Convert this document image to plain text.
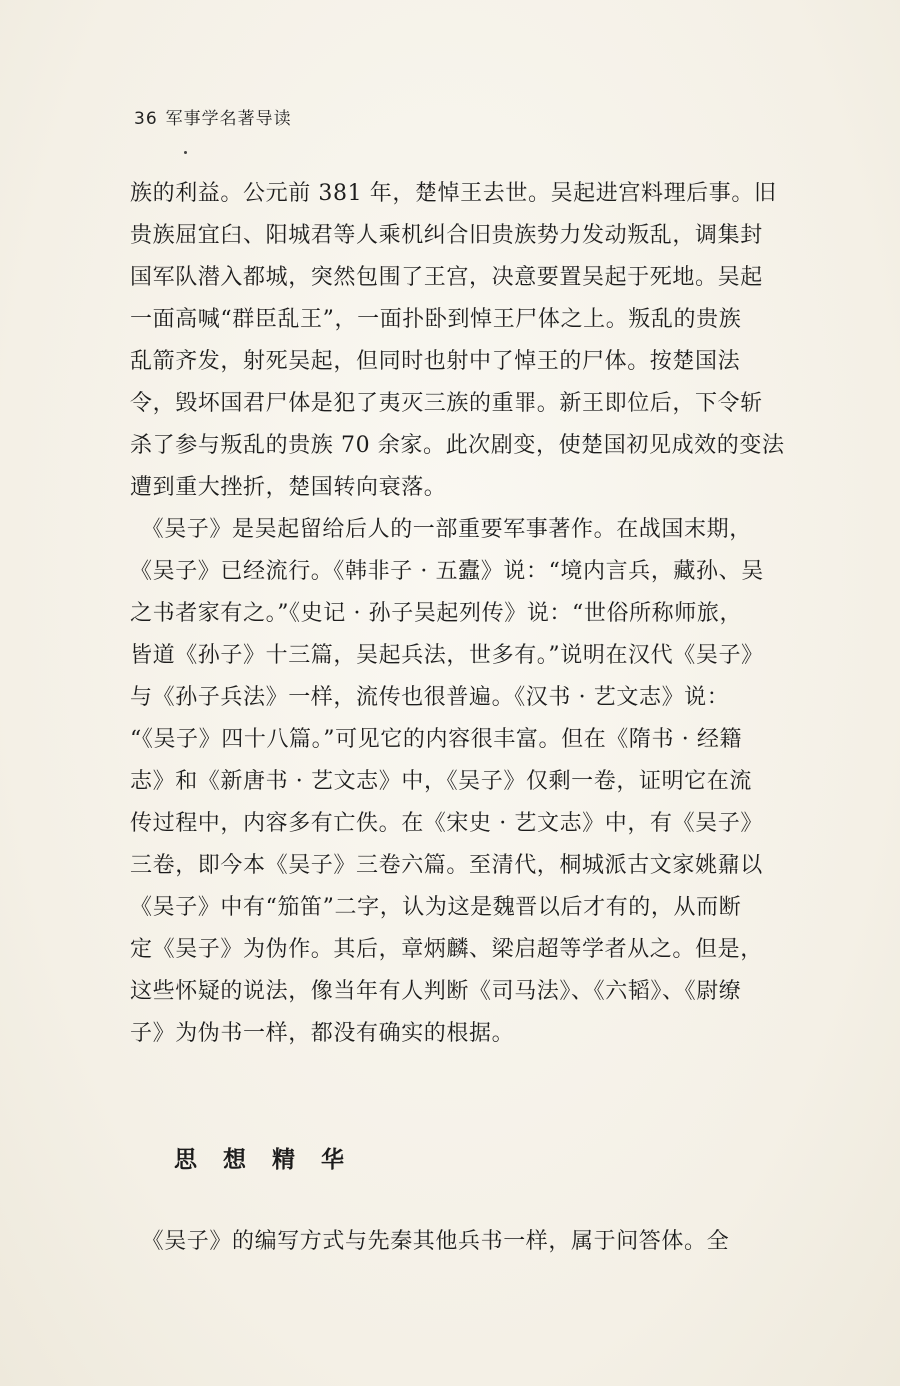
36 军事学名著导读
族的利益。公元前 381 年，楚悼王去世。吴起进宫料理后事。旧
贵族屈宜臼、阳城君等人乘机纠合旧贵族势力发动叛乱，调集封
国军队潜入都城，突然包围了王宫，决意要置吴起于死地。吴起
一面高喊“群臣乱王”，一面扑卧到悼王尸体之上。叛乱的贵族
乱箭齐发，射死吴起，但同时也射中了悼王的尸体。按楚国法
令，毁坏国君尸体是犯了夷灭三族的重罪。新王即位后，下令斩
杀了参与叛乱的贵族 70 余家。此次剧变，使楚国初见成效的变法
遭到重大挫折，楚国转向衰落。
　《吴子》是吴起留给后人的一部重要军事著作。在战国末期，
《吴子》已经流行。《韩非子 · 五蠹》说：“境内言兵，藏孙、吴
之书者家有之。”《史记 · 孙子吴起列传》说：“世俗所称师旅，
皆道《孙子》十三篇，吴起兵法，世多有。”说明在汉代《吴子》
与《孙子兵法》一样，流传也很普遍。《汉书 · 艺文志》说：
“《吴子》四十八篇。”可见它的内容很丰富。但在《隋书 · 经籍
志》和《新唐书 · 艺文志》中，《吴子》仅剩一卷，证明它在流
传过程中，内容多有亡佚。在《宋史 · 艺文志》中，有《吴子》
三卷，即今本《吴子》三卷六篇。至清代，桐城派古文家姚鼐以
《吴子》中有“笳笛”二字，认为这是魏晋以后才有的，从而断
定《吴子》为伪作。其后，章炳麟、梁启超等学者从之。但是，
这些怀疑的说法，像当年有人判断《司马法》、《六韬》、《尉缭
子》为伪书一样，都没有确实的根据。
思 想 精 华
　《吴子》的编写方式与先秦其他兵书一样，属于问答体。全
